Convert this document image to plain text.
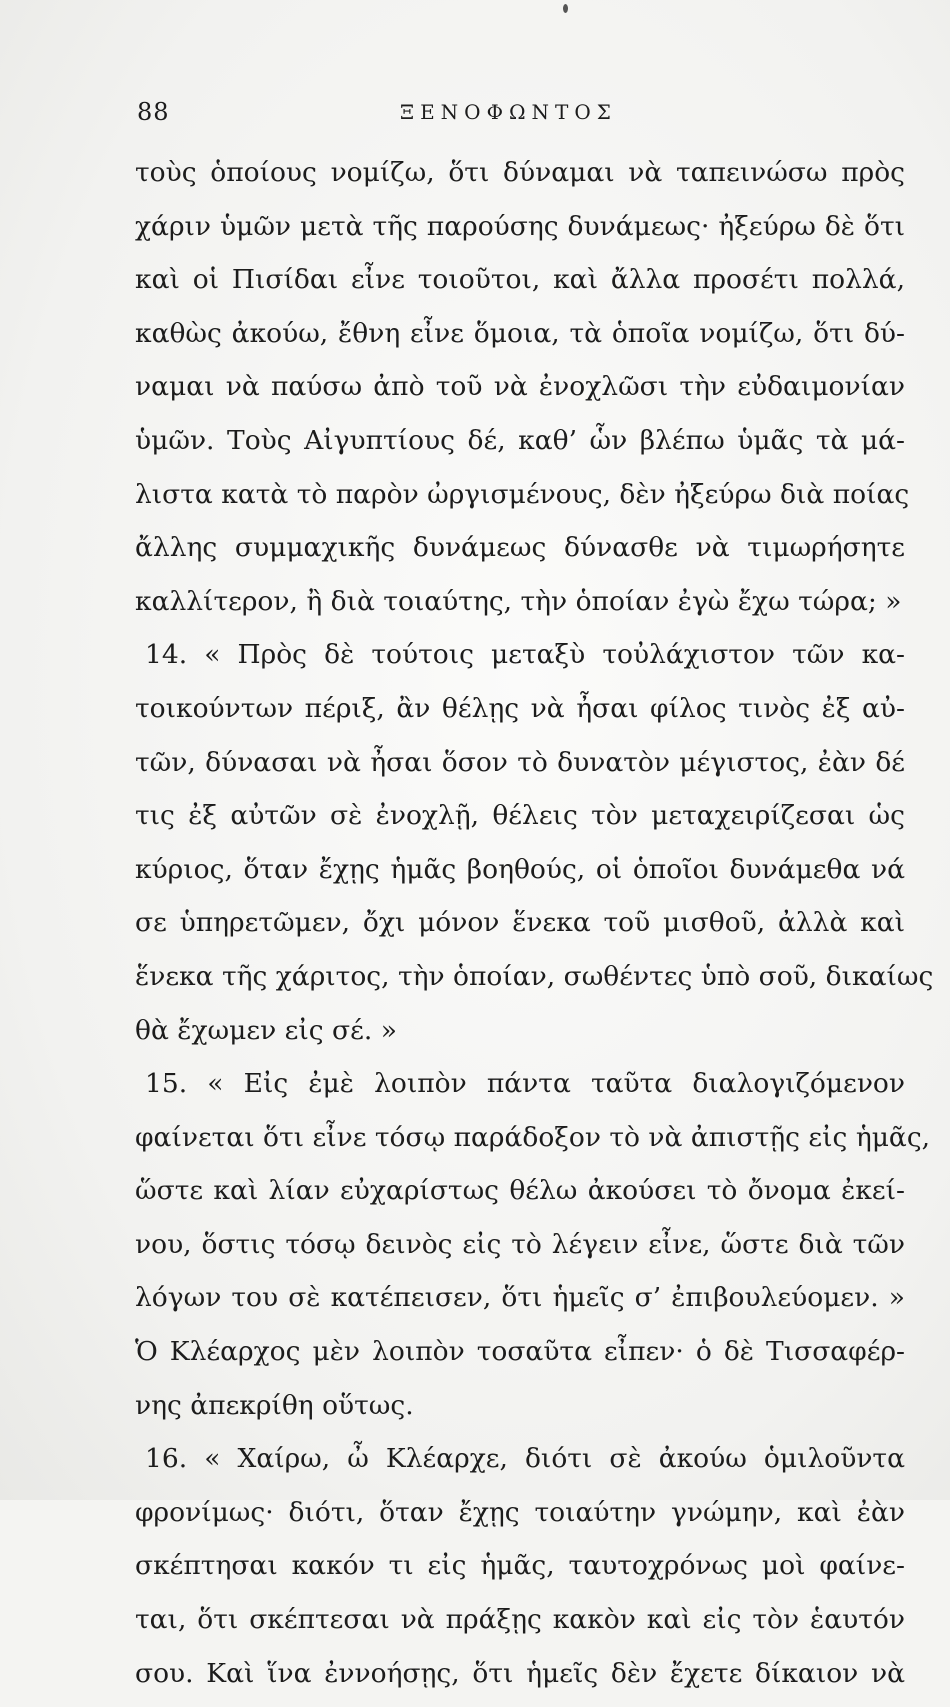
88	ΞΕΝΟΦΩΝΤΟΣ
τοὺς ὁποίους νομίζω, ὅτι δύναμαι νὰ ταπεινώσω πρὸς
χάριν ὑμῶν μετὰ τῆς παρούσης δυνάμεως· ἠξεύρω δὲ ὅτι
καὶ οἱ Πισίδαι εἶνε τοιοῦτοι, καὶ ἄλλα προσέτι πολλά,
καθὼς ἀκούω, ἔθνη εἶνε ὅμοια, τὰ ὁποῖα νομίζω, ὅτι δύ-
ναμαι νὰ παύσω ἀπὸ τοῦ νὰ ἐνοχλῶσι τὴν εὐδαιμονίαν
ὑμῶν. Τοὺς Αἰγυπτίους δέ, καθ’ ὧν βλέπω ὑμᾶς τὰ μά-
λιστα κατὰ τὸ παρὸν ὠργισμένους, δὲν ἠξεύρω διὰ ποίας
ἄλλης συμμαχικῆς δυνάμεως δύνασθε νὰ τιμωρήσητε
καλλίτερον, ἢ διὰ τοιαύτης, τὴν ὁποίαν ἐγὼ ἔχω τώρα; »
14. « Πρὸς δὲ τούτοις μεταξὺ τοὐλάχιστον τῶν κα-
τοικούντων πέριξ, ἂν θέλῃς νὰ ἦσαι φίλος τινὸς ἐξ αὐ-
τῶν, δύνασαι νὰ ἦσαι ὅσον τὸ δυνατὸν μέγιστος, ἐὰν δέ
τις ἐξ αὐτῶν σὲ ἐνοχλῇ, θέλεις τὸν μεταχειρίζεσαι ὡς
κύριος, ὅταν ἔχῃς ἡμᾶς βοηθούς, οἱ ὁποῖοι δυνάμεθα νά
σε ὑπηρετῶμεν, ὄχι μόνον ἕνεκα τοῦ μισθοῦ, ἀλλὰ καὶ
ἕνεκα τῆς χάριτος, τὴν ὁποίαν, σωθέντες ὑπὸ σοῦ, δικαίως
θὰ ἔχωμεν εἰς σέ. »
15. « Εἰς ἐμὲ λοιπὸν πάντα ταῦτα διαλογιζόμενον
φαίνεται ὅτι εἶνε τόσῳ παράδοξον τὸ νὰ ἀπιστῇς εἰς ἡμᾶς,
ὥστε καὶ λίαν εὐχαρίστως θέλω ἀκούσει τὸ ὄνομα ἐκεί-
νου, ὅστις τόσῳ δεινὸς εἰς τὸ λέγειν εἶνε, ὥστε διὰ τῶν
λόγων του σὲ κατέπεισεν, ὅτι ἡμεῖς σ’ ἐπιβουλεύομεν. »
Ὁ Κλέαρχος μὲν λοιπὸν τοσαῦτα εἶπεν· ὁ δὲ Τισσαφέρ-
νης ἀπεκρίθη οὕτως.
16. « Χαίρω, ὦ Κλέαρχε, διότι σὲ ἀκούω ὁμιλοῦντα
φρονίμως· διότι, ὅταν ἔχῃς τοιαύτην γνώμην, καὶ ἐὰν
σκέπτησαι κακόν τι εἰς ἡμᾶς, ταυτοχρόνως μοὶ φαίνε-
ται, ὅτι σκέπτεσαι νὰ πράξῃς κακὸν καὶ εἰς τὸν ἑαυτόν
σου. Καὶ ἵνα ἐννοήσῃς, ὅτι ἡμεῖς δὲν ἔχετε δίκαιον νὰ
